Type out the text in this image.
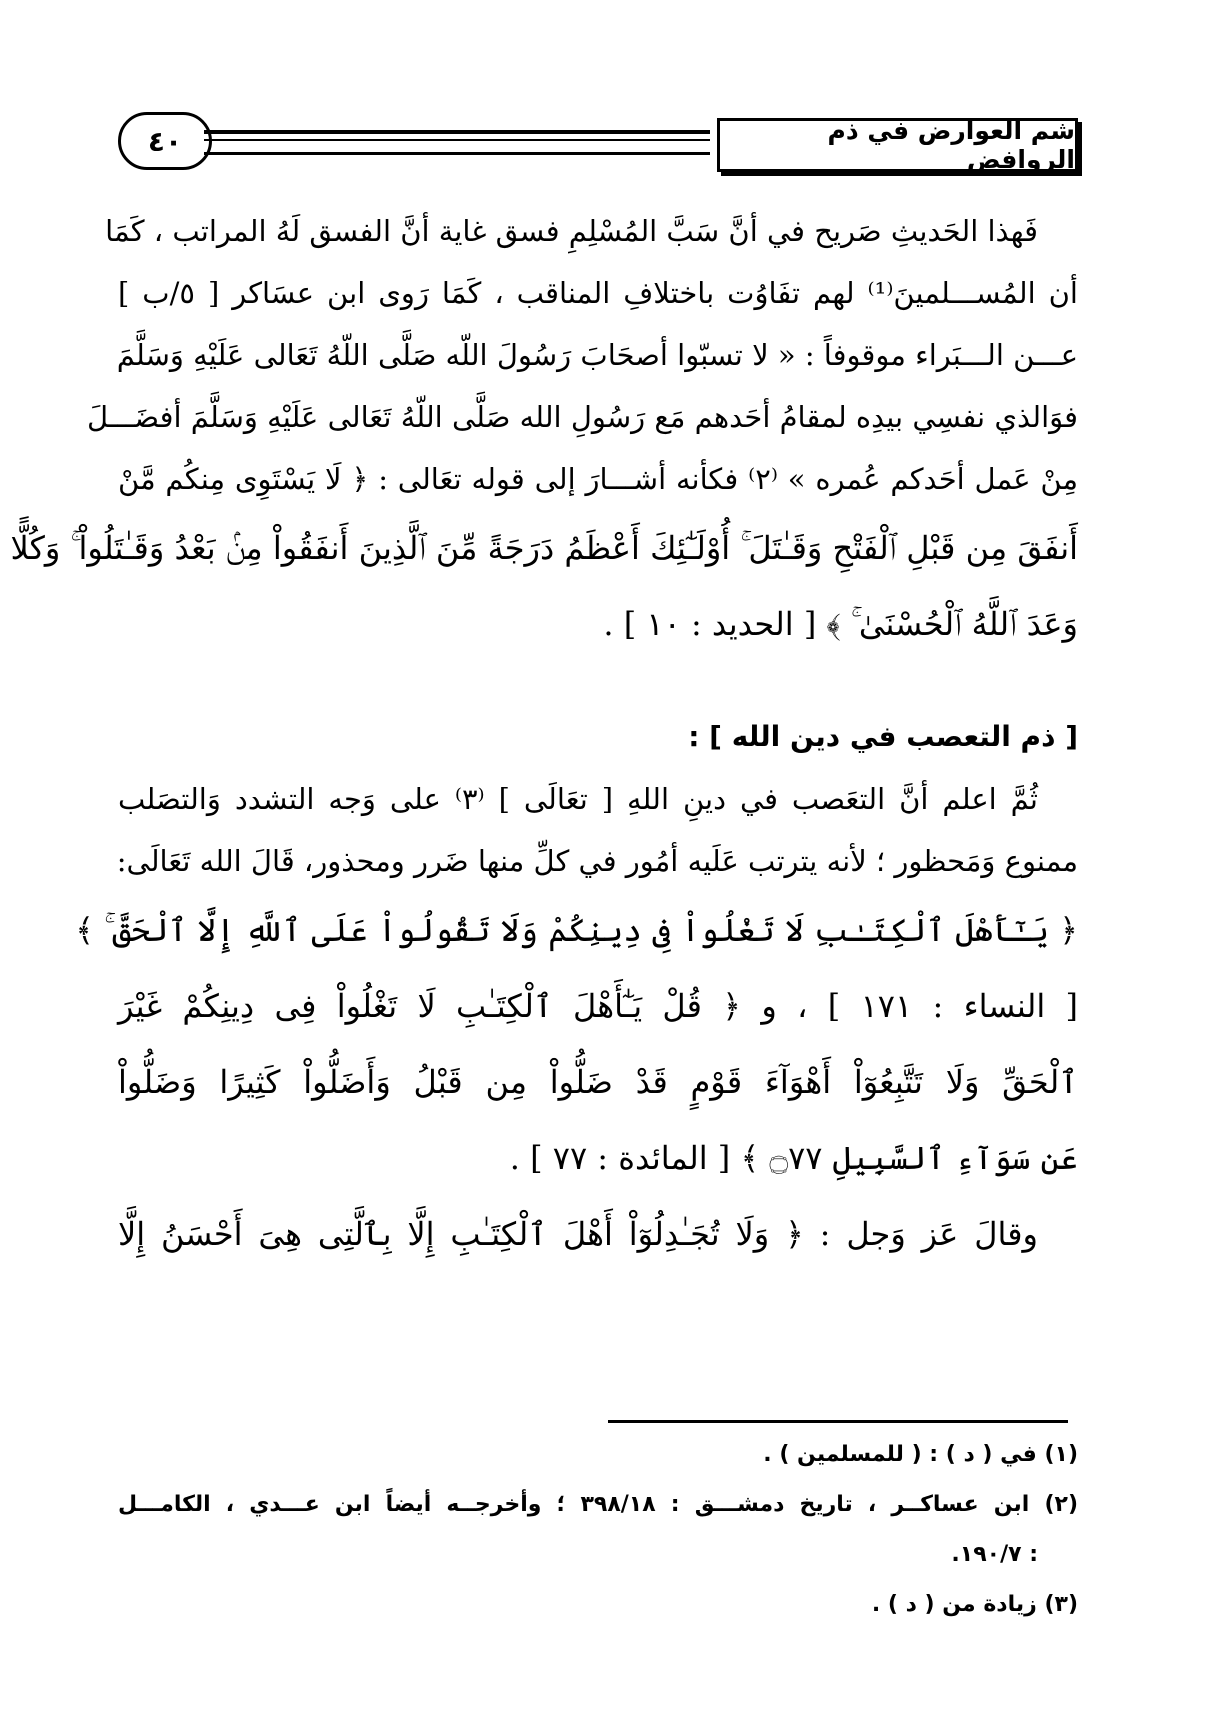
٤٠	شم العوارض في ذم الروافض
فَهذا الحَديثِ صَريح في أنَّ سَبَّ المُسْلِمِ فسق غاية أنَّ الفسق لَهُ المراتب ، كَمَا
أن المُســـلمينَ⁽¹⁾ لهم تفَاوُت باختلافِ المناقب ، كَمَا رَوى ابن عسَاكر [ ٥/ب ]
عـــن الـــبَراء موقوفاً : « لا تسبّوا أصحَابَ رَسُولَ اللّه صَلَّى اللّهُ تَعَالى عَلَيْهِ وَسَلَّمَ
فوَالذي نفسِي بيدِه لمقامُ أحَدهم مَع رَسُولِ الله صَلَّى اللّهُ تَعَالى عَلَيْهِ وَسَلَّمَ أفضَـــلَ
مِنْ عَمل أحَدكم عُمره » ⁽٢⁾ فكأنه أشـــارَ إلى قوله تعَالى : ﴿ لَا يَسْتَوِى مِنكُم مَّنْ
أَنفَقَ مِن قَبْلِ ٱلْفَتْحِ وَقَـٰتَلَ ۚ أُوْلَـٰٓئِكَ أَعْظَمُ دَرَجَةً مِّنَ ٱلَّذِينَ أَنفَقُواْ مِنۢ بَعْدُ وَقَـٰتَلُواْ ۚ وَكُلًّا
وَعَدَ ٱللَّهُ ٱلْحُسْنَىٰ ۚ ﴾ [ الحديد : ١٠ ] .
[ ذم التعصب في دين الله ] :
ثُمَّ اعلم أنَّ التعَصب في دينِ اللهِ [ تعَالَى ] ⁽٣⁾ على وَجه التشدد وَالتصَلب
ممنوع وَمَحظور ؛ لأنه يترتب عَلَيه أمُور في كلِّ منها ضَرر ومحذور، قَالَ الله تَعَالَى:
﴿ يَـٰٓأَهْلَ ٱلْكِتَـٰبِ لَا تَغْلُواْ فِى دِينِكُمْ وَلَا تَقُولُواْ عَلَى ٱللَّهِ إِلَّا ٱلْحَقَّ ۚ ﴾
[ النساء : ١٧١ ] ، و ﴿ قُلْ يَـٰٓأَهْلَ ٱلْكِتَـٰبِ لَا تَغْلُواْ فِى دِينِكُمْ غَيْرَ
ٱلْحَقِّ وَلَا تَتَّبِعُوٓاْ أَهْوَآءَ قَوْمٍ قَدْ ضَلُّواْ مِن قَبْلُ وَأَضَلُّواْ كَثِيرًا وَضَلُّواْ
عَن سَوَآءِ ٱلسَّبِيلِ ۝٧٧ ﴾ [ المائدة : ٧٧ ] .
وقالَ عَز وَجل : ﴿ وَلَا تُجَـٰدِلُوٓاْ أَهْلَ ٱلْكِتَـٰبِ إِلَّا بِٱلَّتِى هِىَ أَحْسَنُ إِلَّا
(١) في ( د ) : ( للمسلمين ) .
(٢) ابن عساكــر ، تاريخ دمشـــق : ٣٩٨/١٨ ؛ وأخرجــه أيضاً ابن عـــدي ، الكامـــل
: ١٩٠/٧.
(٣) زيادة من ( د ) .
